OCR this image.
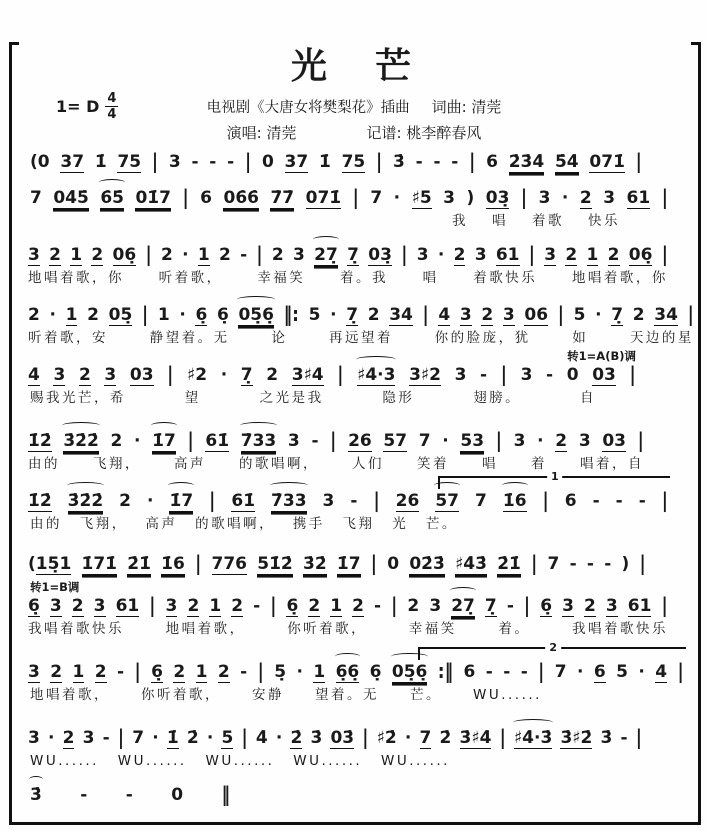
光　芒
1= D $\frac{4}{4}$	电视剧《大唐女将樊梨花》插曲 词曲: 清莞
演唱: 清莞	记谱: 桃李醉春风
(0 37 1̇ 75 | 3 - - - | 0 37 1̇ 75 | 3̇ - - - | 6 2̇3̇4̇ 5̇4̇ 071̇ |
7 04̇5̇ 6̇5̇ 01̇7 | 6 06̇6̇ 7̇7̇ 071̇ | 7 · ♯5 3 ) 03̣ | 3 · 2 3 61 |
我 唱 着歌 快乐
3 2 1 2 06̣ | 2 · 1 2 - | 2 3 27̣ 7̣ 03̣ | 3 · 2 3 61 | 3 2 1 2 06̣ |
地唱着歌，你	听着歌，	幸福笑	着。我	唱	着歌快乐	地唱着歌，你
2 · 1 2 05̣ | 1 · 6̣ 6̣ 05̣6̣ ‖: 5 · 7̣ 2 34 | 4 3 2 3 06 | 5 · 7̣ 2 34 |
听着歌，安	静望着。无	论	再远望着	你的脸庞，犹	如	天边的星
转1=A(B)调
4 3 2 3 03 | ♯2 · 7̣ 2 3♯4 | ♯4·3 3♯2 3 - | 3 - 0 03 |
赐我光芒，希	望	之光是我	隐形	翅膀。	自
1̇2̇ 3̇2̇2̇ 2 · 1̇7 | 61̇ 7̇33 3 - | 26 57 7 · 53 | 3 · 2 3 03 |
由的 飞翔， 高声 的歌唱啊， 人们 笑着 唱 着 唱着，自
1
1̇2̇ 3̇2̇2̇ 2 · 1̇7 | 61̇ 7̇33 3 - | 26 57 7 1̇6 | 6 - - - |
由的 飞翔， 高声 的歌唱啊， 携手 飞翔 光 芒。
(15̣1 1̇71̇ 2̇1̇ 1̇6 | 776 51̇2̇ 3̇2̇ 1̇7 | 0 02̇3̇ ♯4̇3̇ 2̇1̇ | 7 - - - ) |
转1=B调
6̣ 3 2 3 61 | 3 2 1 2 - | 6̣ 2 1 2 - | 2 3 27̣ 7̣ - | 6̣ 3 2 3 61 |
我唱着歌快乐	地唱着歌，	你听着歌，	幸福笑	着。	我唱着歌快乐
2
3 2 1 2 - | 6̣ 2 1 2 - | 5̣ · 1 6̣6̣ 6̣ 05̣6̣ :‖ 6 - - - | 7 · 6 5 · 4 |
地唱着歌， 你听着歌， 安静 望着。无 芒。 WU......
3 · 2 3 - | 7 · 1̇ 2̇ · 5 | 4̇ · 2̇ 3̇ 03̇ | ♯2̇ · 7 2̇ 3̇♯4̇ | ♯4̇·3̇ 3̇♯2̇ 3̇ - |
WU...... WU...... WU...... WU...... WU......
3̇ - - 0 ‖
